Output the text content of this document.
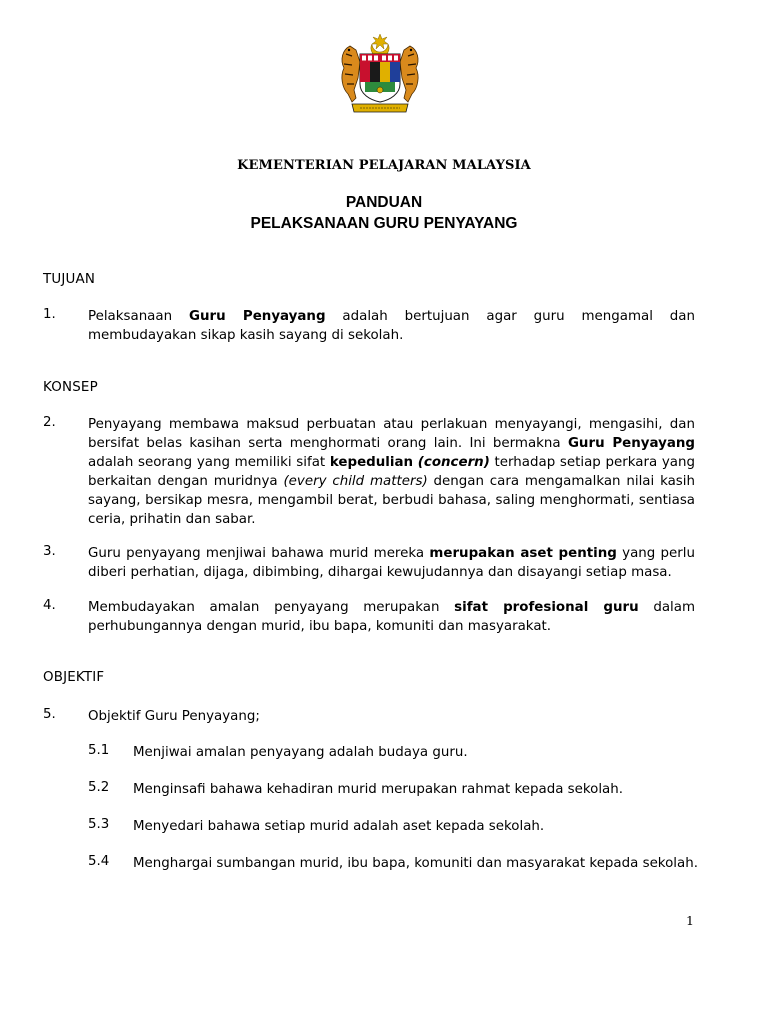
KEMENTERIAN PELAJARAN MALAYSIA
PANDUAN
PELAKSANAAN GURU PENYAYANG
TUJUAN
1. Pelaksanaan Guru Penyayang adalah bertujuan agar guru mengamal dan membudayakan sikap kasih sayang di sekolah.
KONSEP
2. Penyayang membawa maksud perbuatan atau perlakuan menyayangi, mengasihi, dan bersifat belas kasihan serta menghormati orang lain. Ini bermakna Guru Penyayang adalah seorang yang memiliki sifat kepedulian (concern) terhadap setiap perkara yang berkaitan dengan muridnya (every child matters) dengan cara mengamalkan nilai kasih sayang, bersikap mesra, mengambil berat, berbudi bahasa, saling menghormati, sentiasa ceria, prihatin dan sabar.
3. Guru penyayang menjiwai bahawa murid mereka merupakan aset penting yang perlu diberi perhatian, dijaga, dibimbing, dihargai kewujudannya dan disayangi setiap masa.
4. Membudayakan amalan penyayang merupakan sifat profesional guru dalam perhubungannya dengan murid, ibu bapa, komuniti dan masyarakat.
OBJEKTIF
5. Objektif Guru Penyayang;
5.1 Menjiwai amalan penyayang adalah budaya guru.
5.2 Menginsafi bahawa kehadiran murid merupakan rahmat kepada sekolah.
5.3 Menyedari bahawa setiap murid adalah aset kepada sekolah.
5.4 Menghargai sumbangan murid, ibu bapa, komuniti dan masyarakat kepada sekolah.
1
